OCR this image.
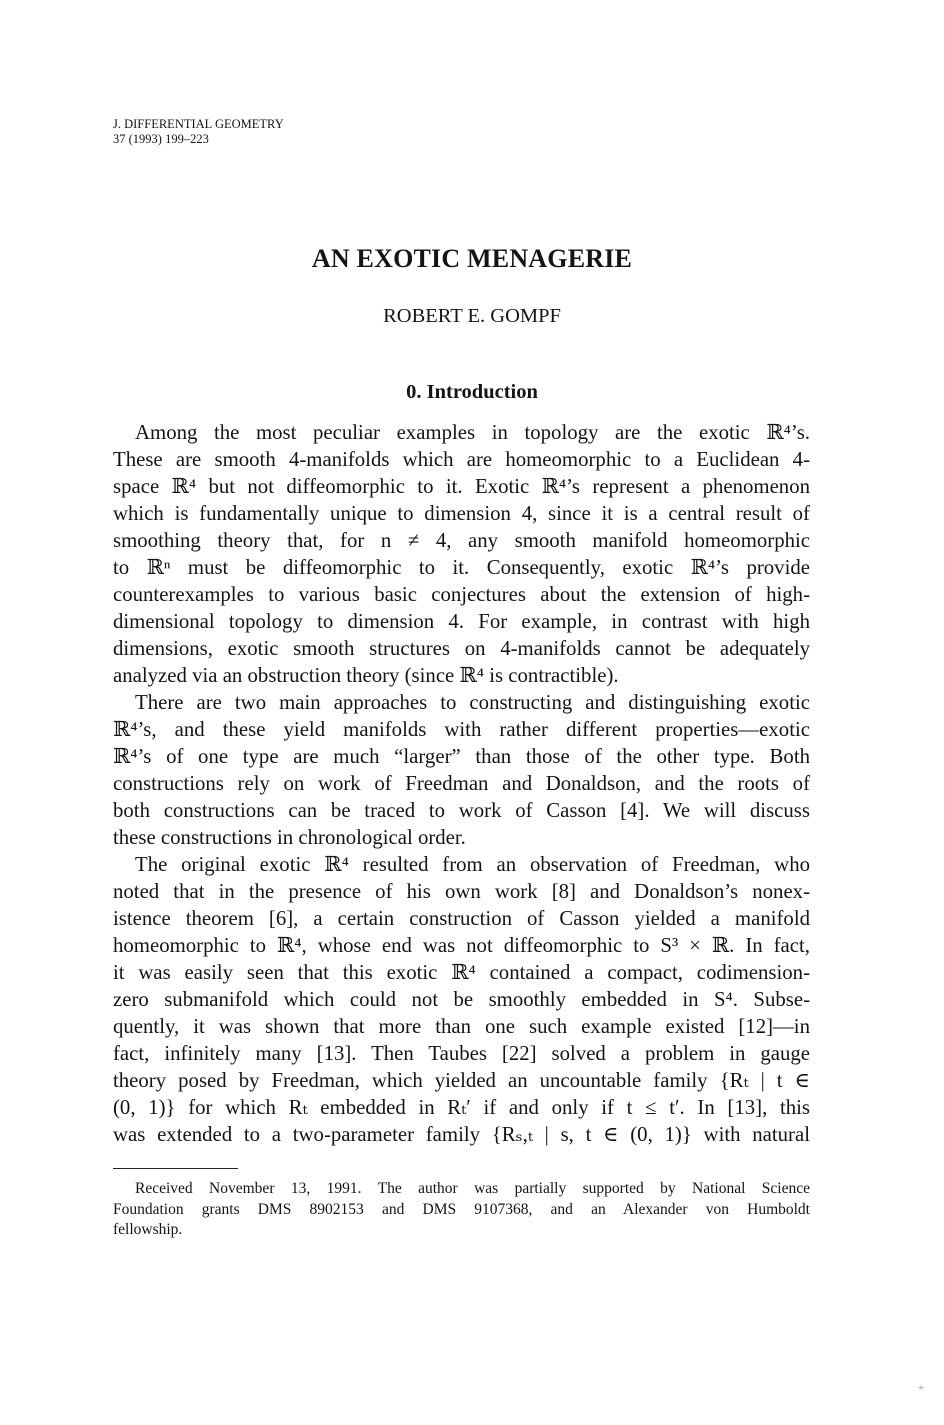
J. DIFFERENTIAL GEOMETRY
37 (1993) 199–223
AN EXOTIC MENAGERIE
ROBERT E. GOMPF
0. Introduction
Among the most peculiar examples in topology are the exotic ℝ⁴’s.
These are smooth 4-manifolds which are homeomorphic to a Euclidean 4-
space ℝ⁴ but not diffeomorphic to it. Exotic ℝ⁴’s represent a phenomenon
which is fundamentally unique to dimension 4, since it is a central result of
smoothing theory that, for n ≠ 4, any smooth manifold homeomorphic
to ℝⁿ must be diffeomorphic to it. Consequently, exotic ℝ⁴’s provide
counterexamples to various basic conjectures about the extension of high-
dimensional topology to dimension 4. For example, in contrast with high
dimensions, exotic smooth structures on 4-manifolds cannot be adequately
analyzed via an obstruction theory (since ℝ⁴ is contractible).
There are two main approaches to constructing and distinguishing exotic
ℝ⁴’s, and these yield manifolds with rather different properties—exotic
ℝ⁴’s of one type are much “larger” than those of the other type. Both
constructions rely on work of Freedman and Donaldson, and the roots of
both constructions can be traced to work of Casson [4]. We will discuss
these constructions in chronological order.
The original exotic ℝ⁴ resulted from an observation of Freedman, who
noted that in the presence of his own work [8] and Donaldson’s nonex-
istence theorem [6], a certain construction of Casson yielded a manifold
homeomorphic to ℝ⁴, whose end was not diffeomorphic to S³ × ℝ. In fact,
it was easily seen that this exotic ℝ⁴ contained a compact, codimension-
zero submanifold which could not be smoothly embedded in S⁴. Subse-
quently, it was shown that more than one such example existed [12]—in
fact, infinitely many [13]. Then Taubes [22] solved a problem in gauge
theory posed by Freedman, which yielded an uncountable family {Rₜ | t ∈
(0, 1)} for which Rₜ embedded in Rₜ′ if and only if t ≤ t′. In [13], this
was extended to a two-parameter family {Rₛ,ₜ | s, t ∈ (0, 1)} with natural
Received November 13, 1991. The author was partially supported by National Science
Foundation grants DMS 8902153 and DMS 9107368, and an Alexander von Humboldt
fellowship.
+
